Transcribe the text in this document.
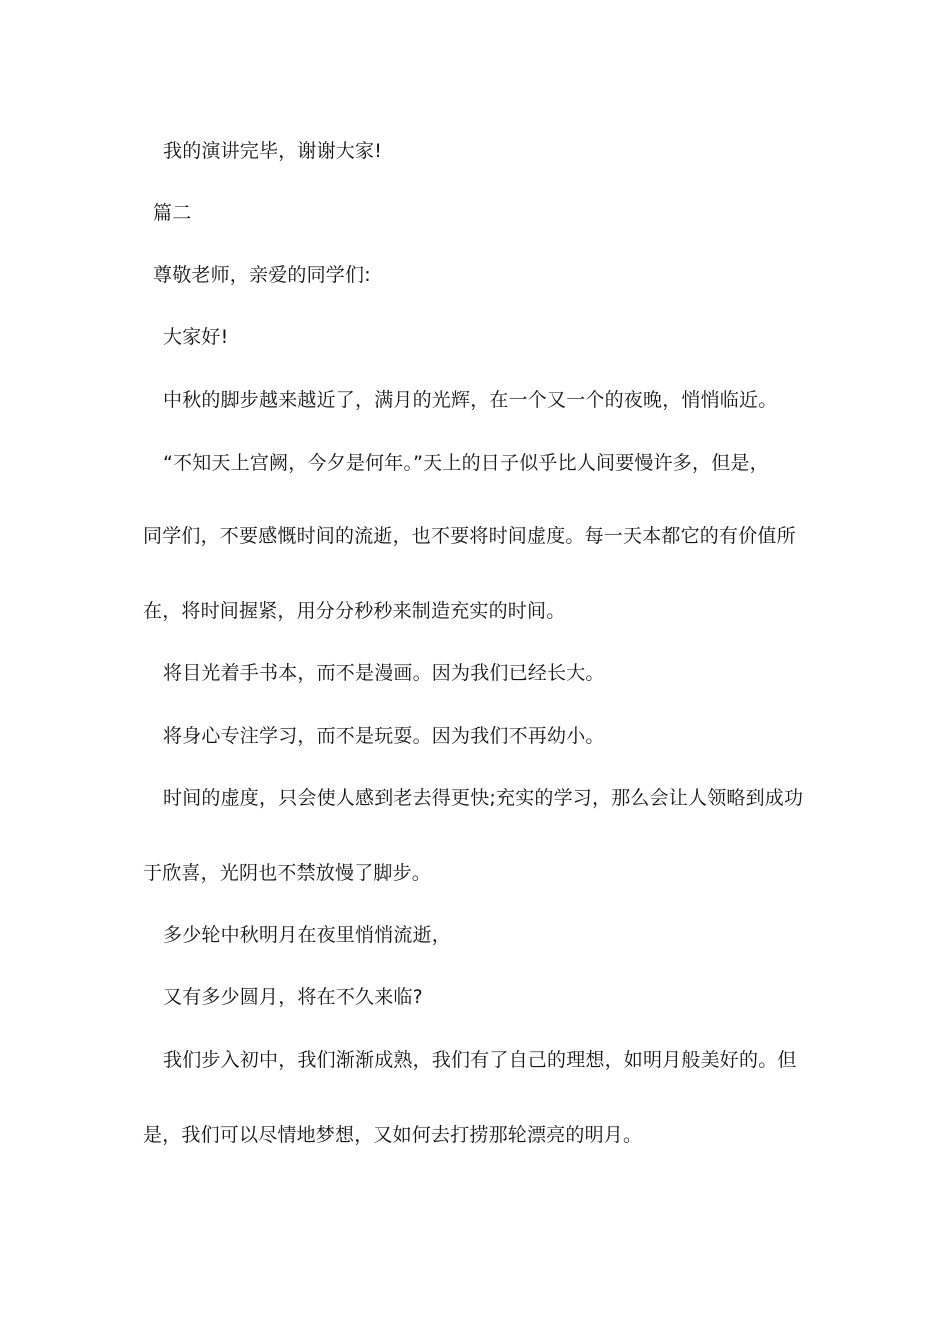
我的演讲完毕，谢谢大家!
篇二
尊敬老师，亲爱的同学们:
大家好!
中秋的脚步越来越近了，满月的光辉，在一个又一个的夜晚，悄悄临近。
“不知天上宫阙，今夕是何年。”天上的日子似乎比人间要慢许多，但是，
同学们，不要感慨时间的流逝，也不要将时间虚度。每一天本都它的有价值所
在，将时间握紧，用分分秒秒来制造充实的时间。
将目光着手书本，而不是漫画。因为我们已经长大。
将身心专注学习，而不是玩耍。因为我们不再幼小。
时间的虚度，只会使人感到老去得更快;充实的学习，那么会让人领略到成功
于欣喜，光阴也不禁放慢了脚步。
多少轮中秋明月在夜里悄悄流逝，
又有多少圆月，将在不久来临?
我们步入初中，我们渐渐成熟，我们有了自己的理想，如明月般美好的。但
是，我们可以尽情地梦想，又如何去打捞那轮漂亮的明月。
